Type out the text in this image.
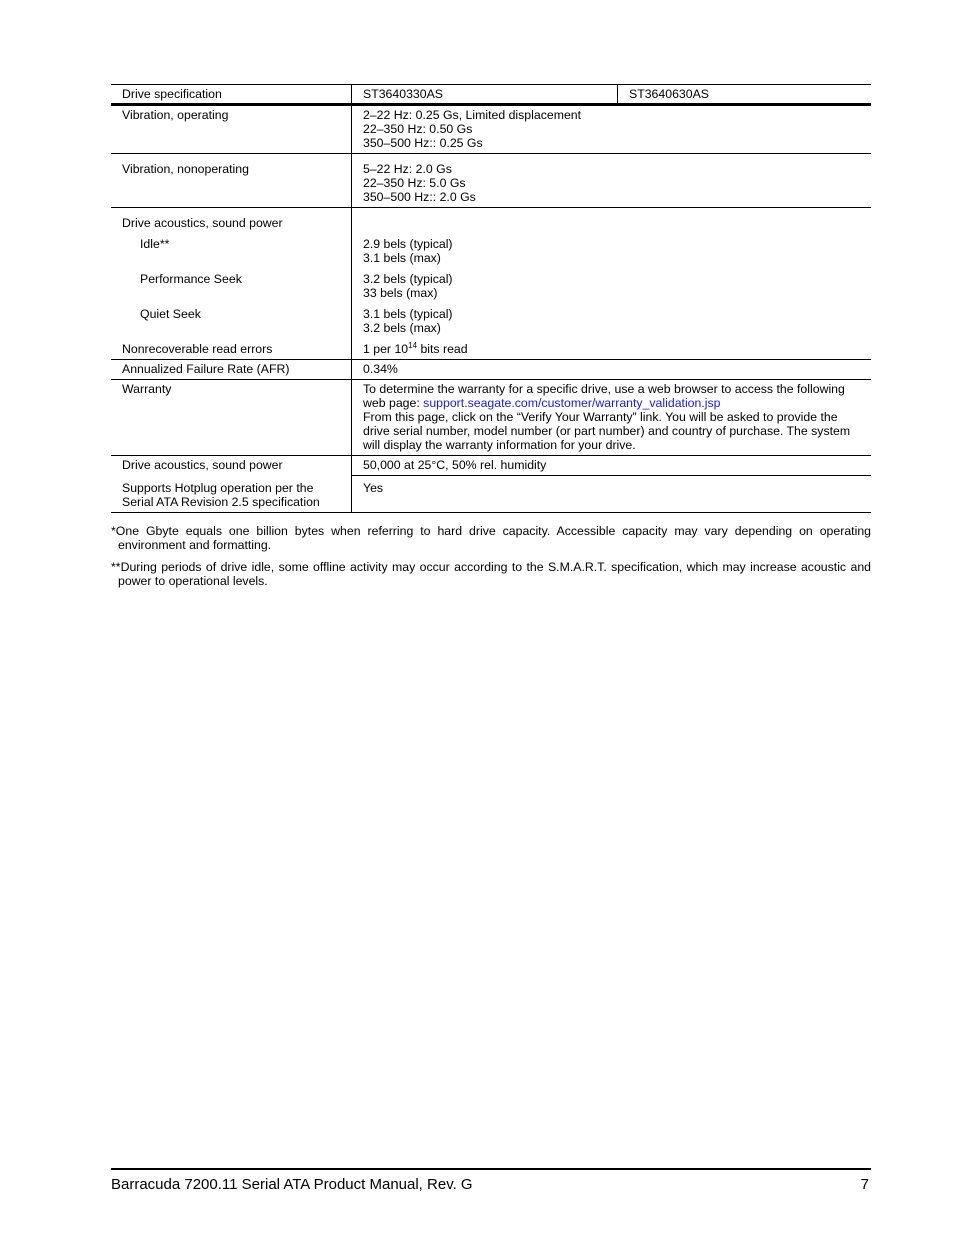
Drive specification	ST3640330AS	ST3640630AS
Vibration, operating	2–22 Hz: 0.25 Gs, Limited displacement
22–350 Hz: 0.50 Gs
350–500 Hz:: 0.25 Gs	

Vibration, nonoperating	5–22 Hz: 2.0 Gs
22–350 Hz: 5.0 Gs
350–500 Hz:: 2.0 Gs	

Drive acoustics, sound power		
Idle**	2.9 bels (typical)
3.1 bels (max)	

Performance Seek	3.2 bels (typical)
33 bels (max)	

Quiet Seek	3.1 bels (typical)
3.2 bels (max)	

Nonrecoverable read errors	1 per $10^{14}$ bits read	
Annualized Failure Rate (AFR)	0.34%	
Warranty	To determine the warranty for a specific drive, use a web browser to access the following web page: support.seagate.com/customer/warranty_validation.jsp
From this page, click on the “Verify Your Warranty” link. You will be asked to provide the drive serial number, model number (or part number) and country of purchase. The system will display the warranty information for your drive.	
Drive acoustics, sound power	50,000 at 25°C, 50% rel. humidity	

Supports Hotplug operation per the
Serial ATA Revision 2.5 specification	Yes	

*One Gbyte equals one billion bytes when referring to hard drive capacity. Accessible capacity may vary depending on operating environment and formatting.

**During periods of drive idle, some offline activity may occur according to the S.M.A.R.T. specification, which may increase acoustic and power to operational levels.

Barracuda 7200.11 Serial ATA Product Manual, Rev. G	7
